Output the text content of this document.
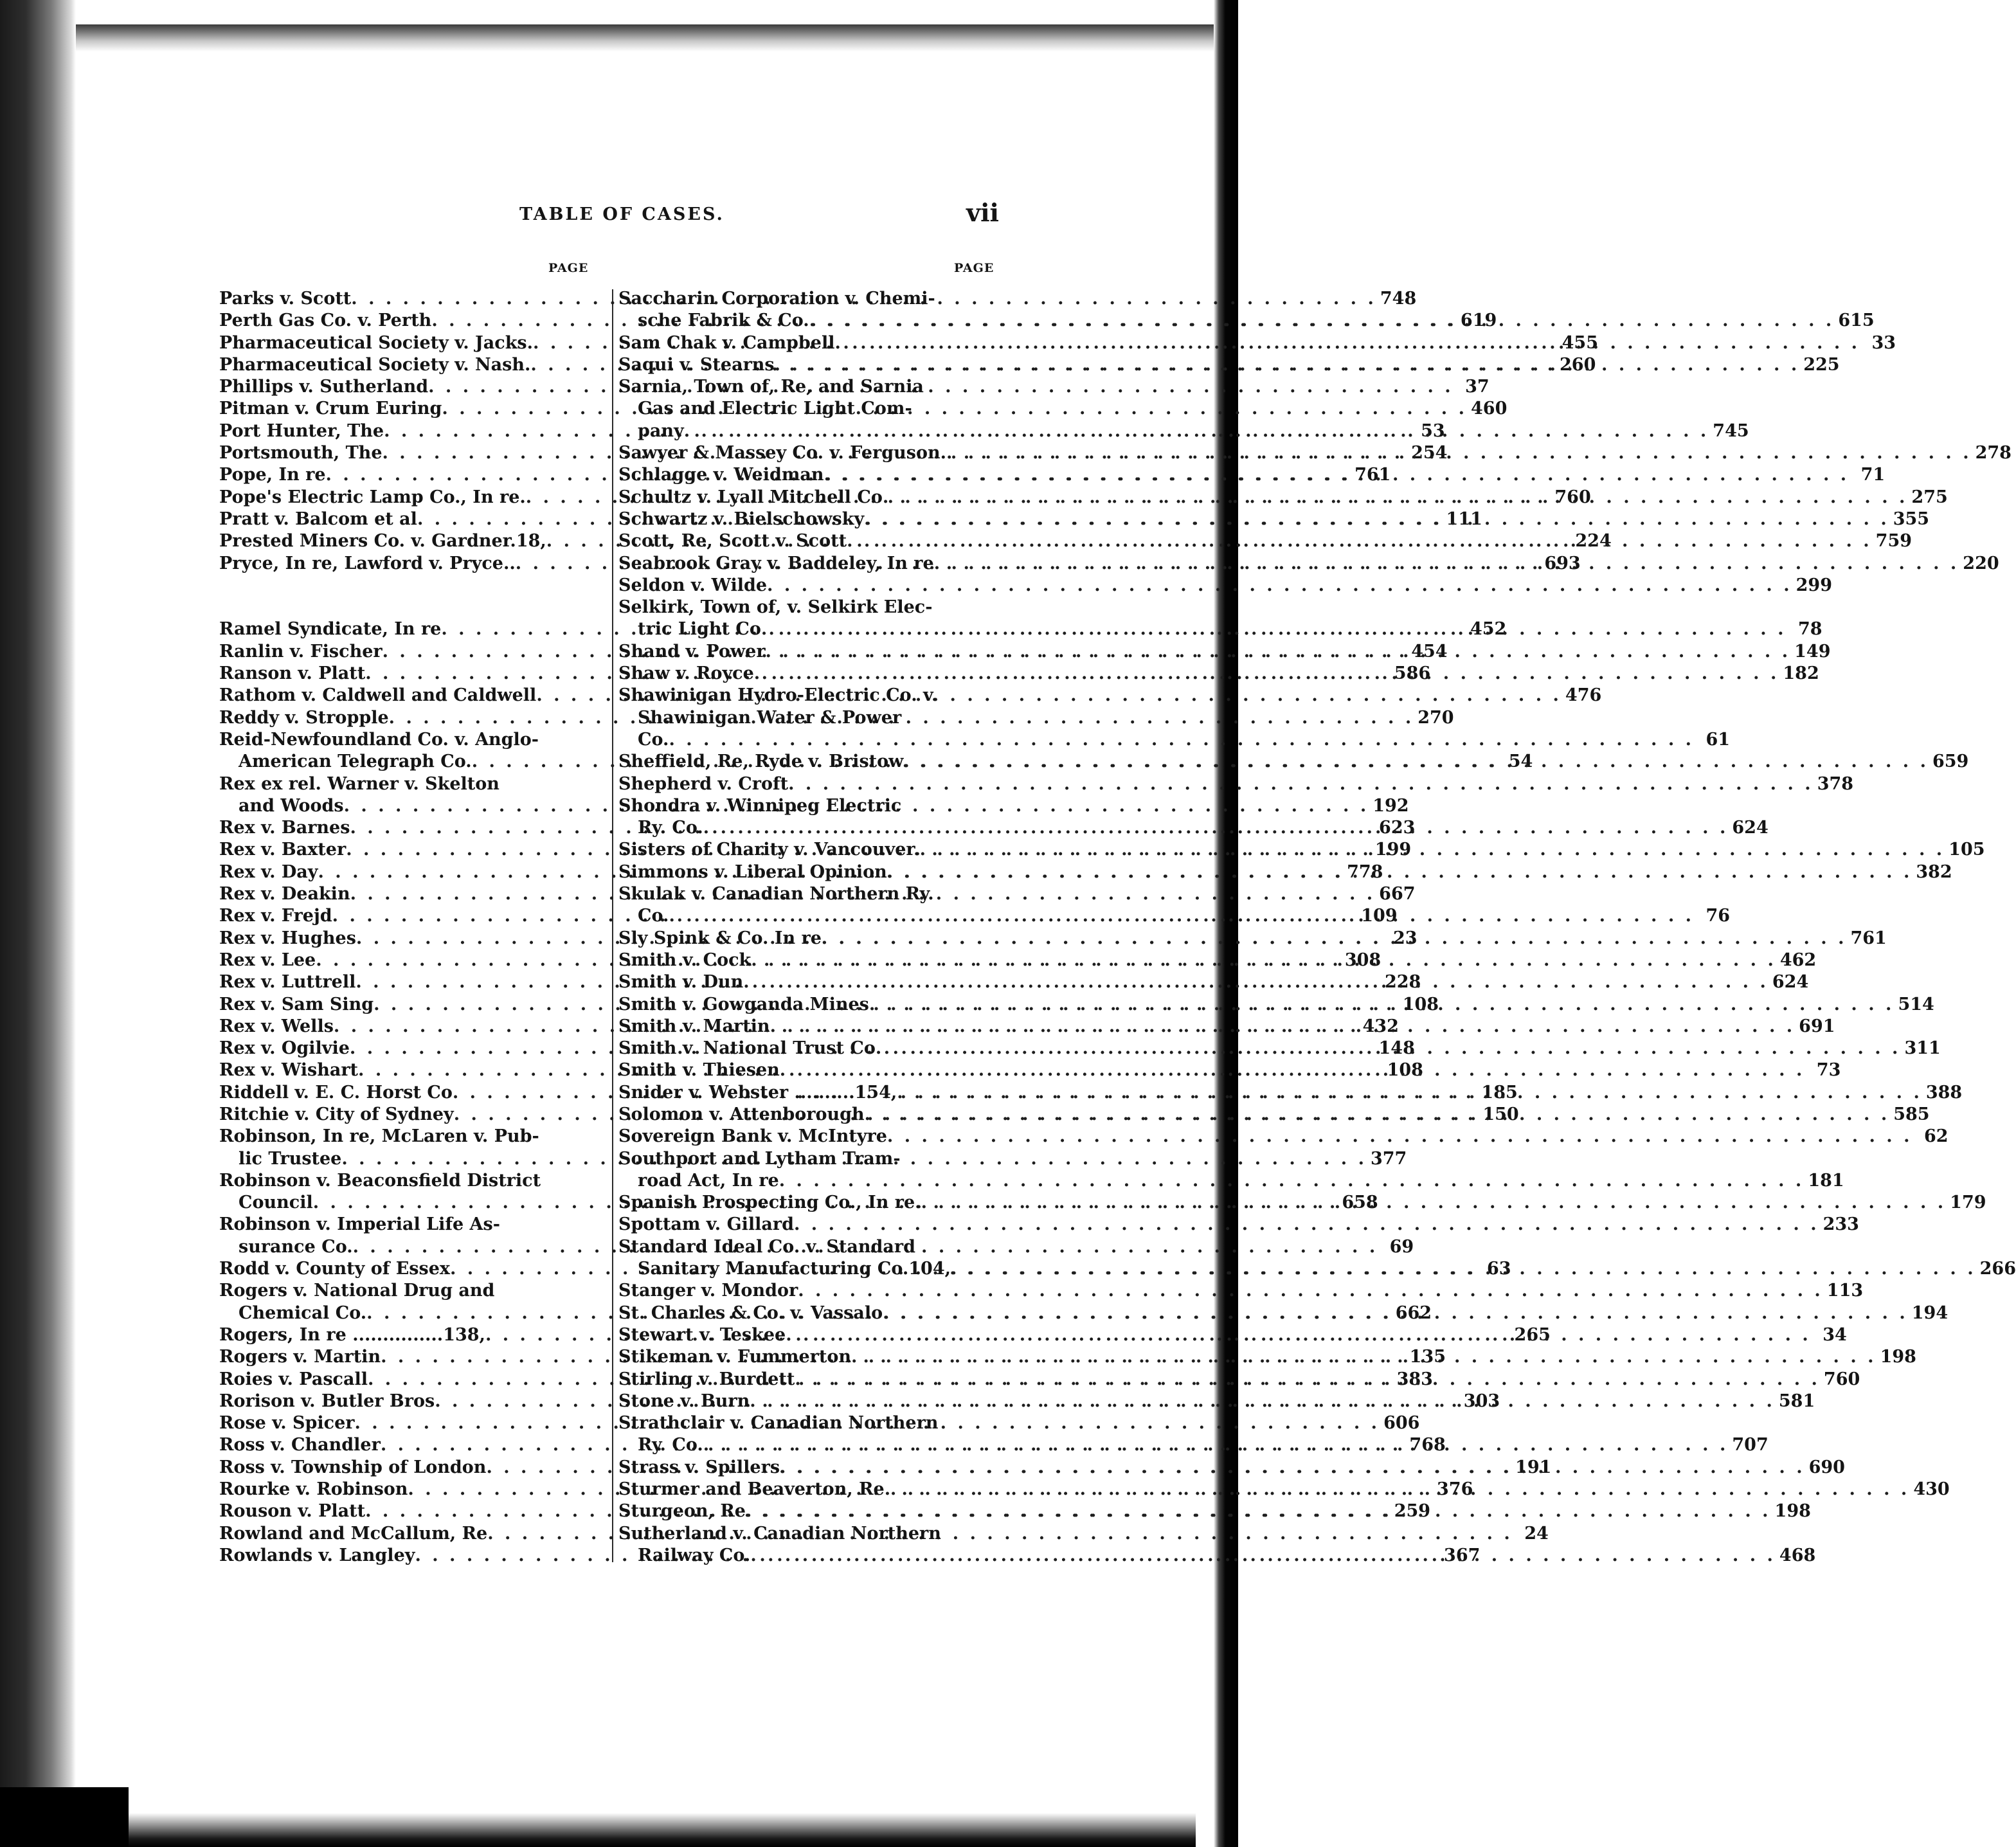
TABLE OF CASES.	vii
PAGE	PAGE
Parks v. Scott . . .	748
Perth Gas Co. v. Perth . . .	619
Pharmaceutical Society v. Jacks. . . .	455
Pharmaceutical Society v. Nash. . . .	260
Phillips v. Sutherland . . .	37
Pitman v. Crum Euring . . .	460
Port Hunter, The . . .	53
Portsmouth, The . . .	254
Pope, In re . . .	761
Pope's Electric Lamp Co., In re. . . .	760
Pratt v. Balcom et al . . .	111
Prested Miners Co. v. Gardner.18, . . .	224
Pryce, In re, Lawford v. Pryce.. . . .	693
Ramel Syndicate, In re . . .	452
Ranlin v. Fischer . . .	454
Ranson v. Platt . . .	586
Rathom v. Caldwell and Caldwell . . .	476
Reddy v. Stropple . . .	270
Reid-Newfoundland Co. v. Anglo-
American Telegraph Co. . . .	54
Rex ex rel. Warner v. Skelton
and Woods . . .	192
Rex v. Barnes . . .	623
Rex v. Baxter . . .	199
Rex v. Day . . .	778
Rex v. Deakin . . .	667
Rex v. Frejd . . .	109
Rex v. Hughes . . .	23
Rex v. Lee . . .	308
Rex v. Luttrell . . .	228
Rex v. Sam Sing . . .	108
Rex v. Wells . . .	432
Rex v. Ogilvie . . .	148
Rex v. Wishart . . .	108
Riddell v. E. C. Horst Co . . .	185
Ritchie v. City of Sydney . . .	150
Robinson, In re, McLaren v. Pub-
lic Trustee . . .	377
Robinson v. Beaconsfield District
Council . . .	658
Robinson v. Imperial Life As-
surance Co. . . .	69
Rodd v. County of Essex . . .	63
Rogers v. National Drug and
Chemical Co. . . .	662
Rogers, In re ...............138, . . .	265
Rogers v. Martin . . .	135
Roies v. Pascall . . .	383
Rorison v. Butler Bros . . .	303
Rose v. Spicer . . .	606
Ross v. Chandler . . .	768
Ross v. Township of London . . .	191
Rourke v. Robinson . . .	376
Rouson v. Platt . . .	259
Rowland and McCallum, Re . . .	24
Rowlands v. Langley . . .	367
Saccharin Corporation v. Chemi-
sche Fabrik & Co. . . .	615
Sam Chak v. Campbell . . .	33
Saqui v. Stearns . . .	225
Sarnia, Town of, Re, and Sarnia
Gas and Electric Light Com-
pany . . .	745
Sawyer & Massey Co. v. Ferguson. . . .	278
Schlagge v. Weidman . . .	71
Schultz v. Lyall Mitchell Co . . .	275
Schwartz v. Bielschowsky . . .	355
Scott, Re, Scott v. Scott . . .	759
Seabrook Gray v. Baddeley, In re . . .	220
Seldon v. Wilde . . .	299
Selkirk, Town of, v. Selkirk Elec-
tric Light Co . . .	78
Shand v. Power . . .	149
Shaw v. Royce . . .	182
Shawinigan Hydro-Electric Co. v.
Shawinigan Water & Power
Co. . . .	61
Sheffield, Re, Ryde v. Bristow . . .	659
Shepherd v. Croft . . .	378
Shondra v. Winnipeg Electric
Ry. Co. . . .	624
Sisters of Charity v. Vancouver. . . .	105
Simmons v. Liberal Opinion . . .	382
Skulak v. Canadian Northern Ry.
Co. . . .	76
Sly Spink & Co. In re . . .	761
Smith v. Cock . . .	462
Smith v. Dun . . .	624
Smith v. Gowganda Mines . . .	514
Smith v. Martin . . .	691
Smith v. National Trust Co . . .	311
Smith v. Thiesen . . .	73
Snider v. Webster ..........154, . . .	388
Solomon v. Attenborough . . .	585
Sovereign Bank v. McIntyre . . .	62
Southport and Lytham Tram-
road Act, In re . . .	181
Spanish Prospecting Co., In re. . . .	179
Spottam v. Gillard . . .	233
Standard Ideal Co. v. Standard
Sanitary Manufacturing Co.104, . . .	266
Stanger v. Mondor . . .	113
St. Charles & Co. v. Vassalo . . .	194
Stewart v. Teskee . . .	34
Stikeman v. Fummerton . . .	198
Stirling v. Burdett . . .	760
Stone v. Burn . . .	581
Strathclair v. Canadian Northern
Ry. Co. . . .	707
Strass v. Spillers . . .	690
Sturmer and Beaverton, Re . . .	430
Sturgeon, Re . . .	198
Sutherland v. Canadian Northern
Railway Co. . . .	468
